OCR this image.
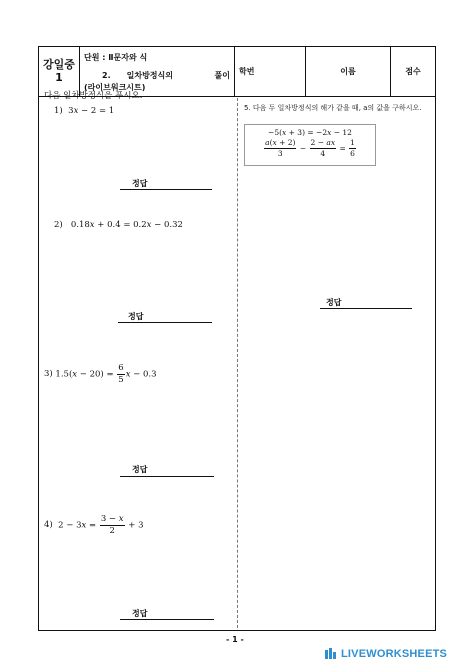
강일중
1
	단원 : Ⅱ문자와 식	학번	이름	점수

2.	일차방정식의	풀이
(라이브워크시트)
다음 일차방정식을 푸시오.
1)  3x − 2 = 1
정답
2)   0.18x + 0.4 = 0.2x − 0.32
정답
3) $1.5(x - 20) = \frac{6}{5}$ x − 0.3
정답
4) $2 - 3x = \frac{3 - x}{2} + 3$
정답
5. 다음 두 일차방정식의 해가 같을 때, a의 값을 구하시오.
−5(x + 3) = −2x − 12
$\frac{a(x + 2)}{3} - \frac{2 - ax}{4} = \frac{1}{6}$
정답
- 1 -
LIVEWORKSHEETS
